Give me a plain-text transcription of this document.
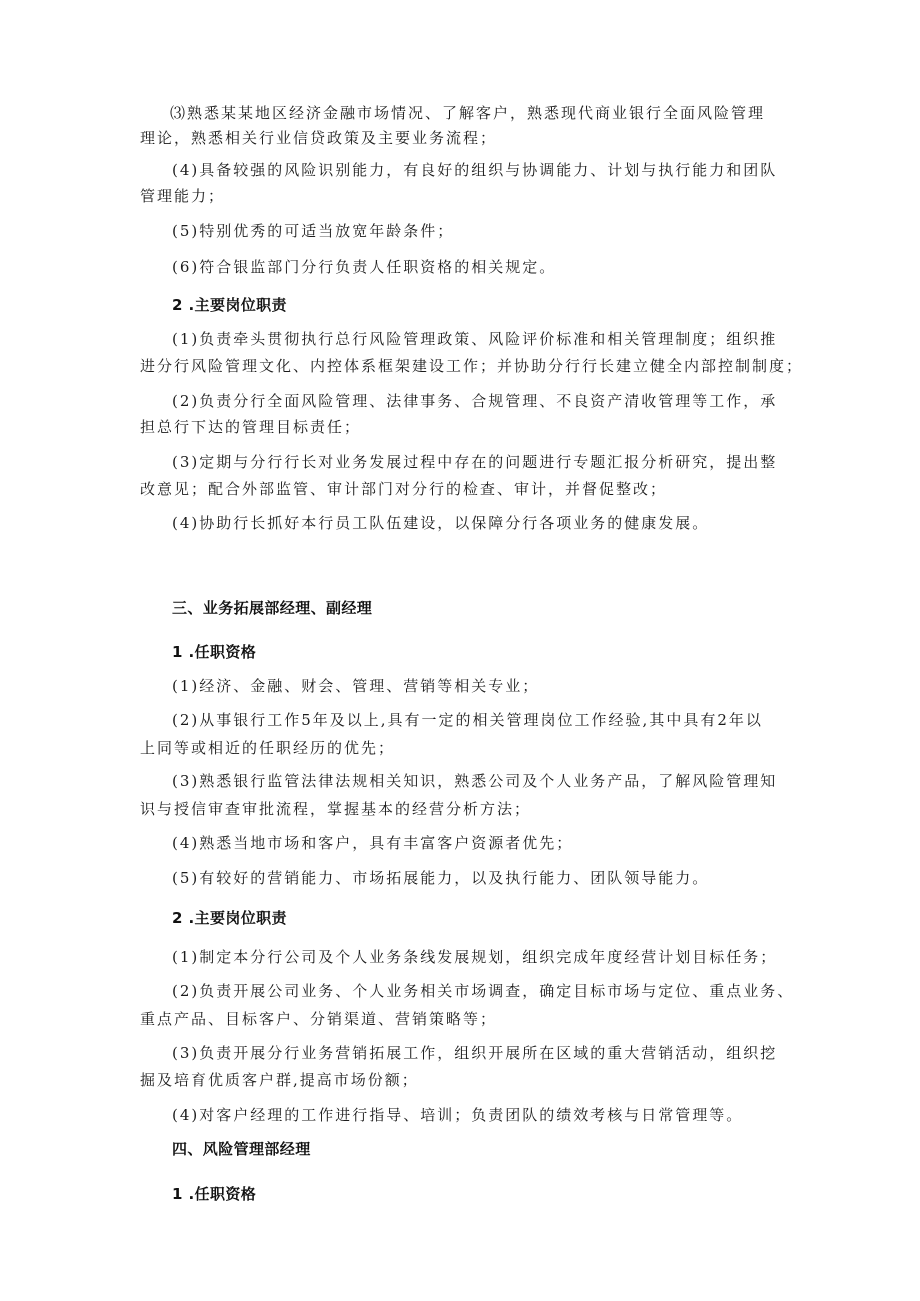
⑶熟悉某某地区经济金融市场情况、了解客户，熟悉现代商业银行全面风险管理
理论，熟悉相关行业信贷政策及主要业务流程；
(4)具备较强的风险识别能力，有良好的组织与协调能力、计划与执行能力和团队
管理能力；
(5)特别优秀的可适当放宽年龄条件；
(6)符合银监部门分行负责人任职资格的相关规定。
2 .主要岗位职责
(1)负责牵头贯彻执行总行风险管理政策、风险评价标准和相关管理制度；组织推
进分行风险管理文化、内控体系框架建设工作；并协助分行行长建立健全内部控制制度；
(2)负责分行全面风险管理、法律事务、合规管理、不良资产清收管理等工作，承
担总行下达的管理目标责任；
(3)定期与分行行长对业务发展过程中存在的问题进行专题汇报分析研究，提出整
改意见；配合外部监管、审计部门对分行的检查、审计，并督促整改；
(4)协助行长抓好本行员工队伍建设，以保障分行各项业务的健康发展。
三、业务拓展部经理、副经理
1 .任职资格
(1)经济、金融、财会、管理、营销等相关专业；
(2)从事银行工作5年及以上,具有一定的相关管理岗位工作经验,其中具有2年以
上同等或相近的任职经历的优先；
(3)熟悉银行监管法律法规相关知识，熟悉公司及个人业务产品，了解风险管理知
识与授信审查审批流程，掌握基本的经营分析方法；
(4)熟悉当地市场和客户，具有丰富客户资源者优先；
(5)有较好的营销能力、市场拓展能力，以及执行能力、团队领导能力。
2 .主要岗位职责
(1)制定本分行公司及个人业务条线发展规划，组织完成年度经营计划目标任务；
(2)负责开展公司业务、个人业务相关市场调查，确定目标市场与定位、重点业务、
重点产品、目标客户、分销渠道、营销策略等；
(3)负责开展分行业务营销拓展工作，组织开展所在区域的重大营销活动，组织挖
掘及培育优质客户群,提高市场份额；
(4)对客户经理的工作进行指导、培训；负责团队的绩效考核与日常管理等。
四、风险管理部经理
1 .任职资格
